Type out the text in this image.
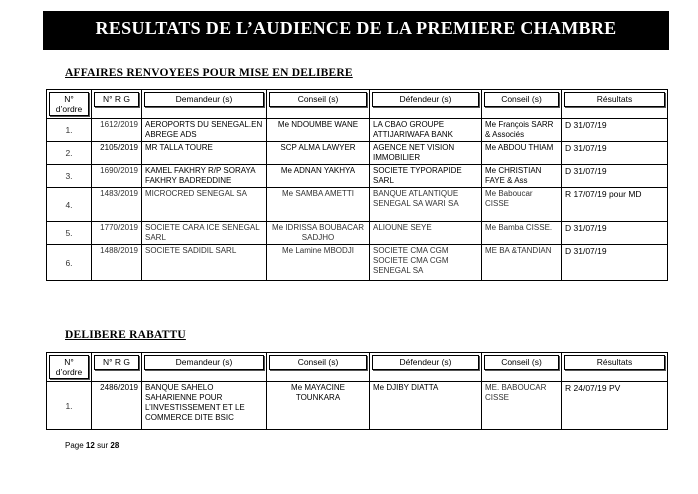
RESULTATS DE L’AUDIENCE DE LA PREMIERE CHAMBRE
AFFAIRES RENVOYEES POUR MISE EN DELIBERE
N° d’ordre	N° R G	Demandeur (s)	Conseil (s)	Défendeur (s)	Conseil (s)	Résultats

1.	1612/2019	AEROPORTS DU SENEGAL.EN ABREGE ADS	Me NDOUMBE WANE	LA CBAO GROUPE ATTIJARIWAFA BANK	Me François SARR & Associés	D 31/07/19
2.	2105/2019	MR TALLA TOURE	SCP ALMA LAWYER	AGENCE NET VISION IMMOBILIER	Me ABDOU THIAM	D 31/07/19
3.	1690/2019	KAMEL FAKHRY R/P SORAYA FAKHRY BADREDDINE	Me ADNAN YAKHYA	SOCIETE TYPORAPIDE SARL	Me CHRISTIAN FAYE & Ass	D 31/07/19
4.	1483/2019	MICROCRED SENEGAL SA	Me SAMBA AMETTI	BANQUE ATLANTIQUE SENEGAL SA WARI SA	Me Baboucar CISSE	R 17/07/19 pour MD
5.	1770/2019	SOCIETE CARA ICE SENEGAL SARL	Me IDRISSA BOUBACAR SADJHO	ALIOUNE SEYE	Me Bamba CISSE.	D 31/07/19
6.	1488/2019	SOCIETE SADIDIL SARL	Me Lamine MBODJI	SOCIETE CMA CGM SOCIETE CMA CGM SENEGAL SA	ME BA &TANDIAN	D 31/07/19
DELIBERE RABATTU
N° d’ordre	N° R G	Demandeur (s)	Conseil (s)	Défendeur (s)	Conseil (s)	Résultats

1.	2486/2019	BANQUE SAHELO SAHARIENNE POUR L’INVESTISSEMENT ET LE COMMERCE DITE BSIC	Me MAYACINE TOUNKARA	Me DJIBY DIATTA	ME. BABOUCAR CISSE	R 24/07/19 PV
Page 12 sur 28
